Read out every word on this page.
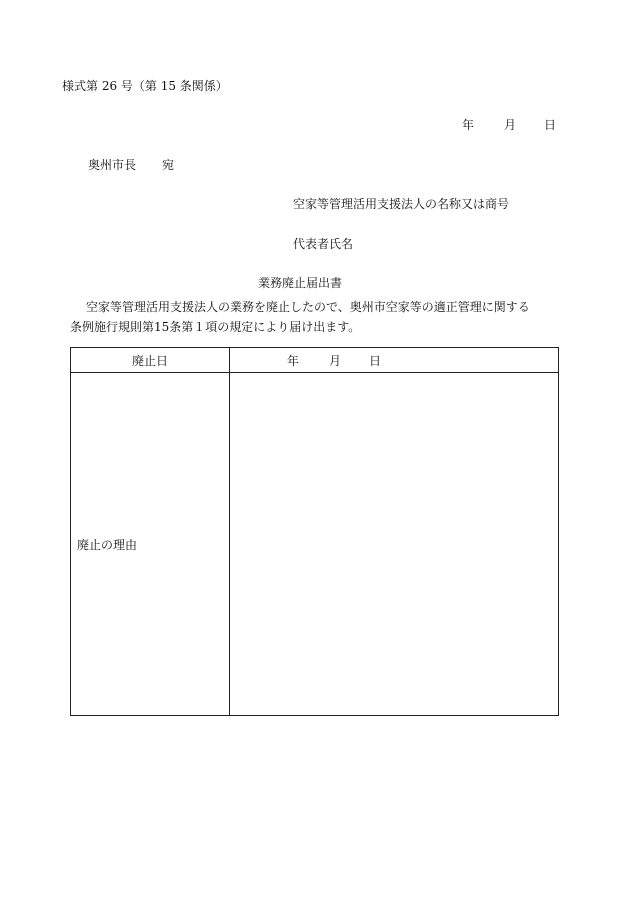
様式第 26 号（第 15 条関係）
年	月 日
奥州市長 宛
空家等管理活用支援法人の名称又は商号
代表者氏名
業務廃止届出書

空家等管理活用支援法人の業務を廃止したので、奥州市空家等の適正管理に関する

条例施行規則第15条第１項の規定により届け出ます。

廃止日	年 月 日
廃止の理由	
